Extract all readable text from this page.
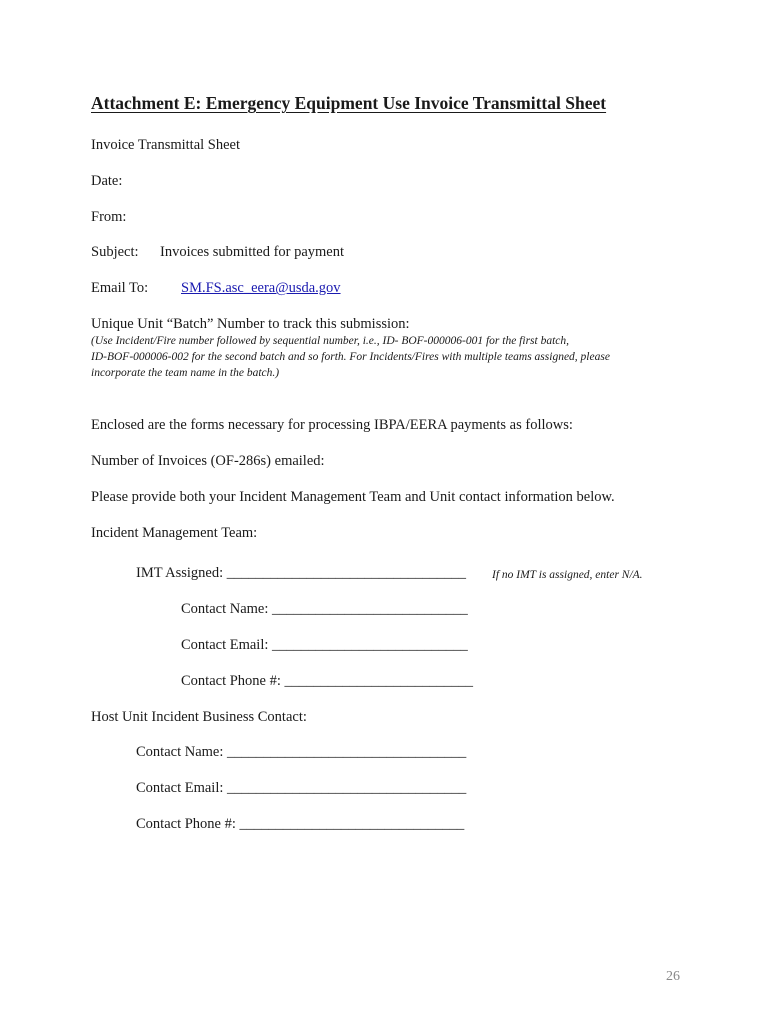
Attachment E: Emergency Equipment Use Invoice Transmittal Sheet
Invoice Transmittal Sheet
Date:
From:
Subject: Invoices submitted for payment
Email To: SM.FS.asc_eera@usda.gov
Unique Unit “Batch” Number to track this submission:
(Use Incident/Fire number followed by sequential number, i.e., ID- BOF-000006-001 for the first batch,
ID-BOF-000006-002 for the second batch and so forth. For Incidents/Fires with multiple teams assigned, please
incorporate the team name in the batch.)
Enclosed are the forms necessary for processing IBPA/EERA payments as follows:
Number of Invoices (OF-286s) emailed:
Please provide both your Incident Management Team and Unit contact information below.
Incident Management Team:
IMT Assigned: _________________________________ If no IMT is assigned, enter N/A.
Contact Name: ___________________________
Contact Email: ___________________________
Contact Phone #: __________________________
Host Unit Incident Business Contact:
Contact Name: _________________________________
Contact Email: _________________________________
Contact Phone #: _______________________________
26
